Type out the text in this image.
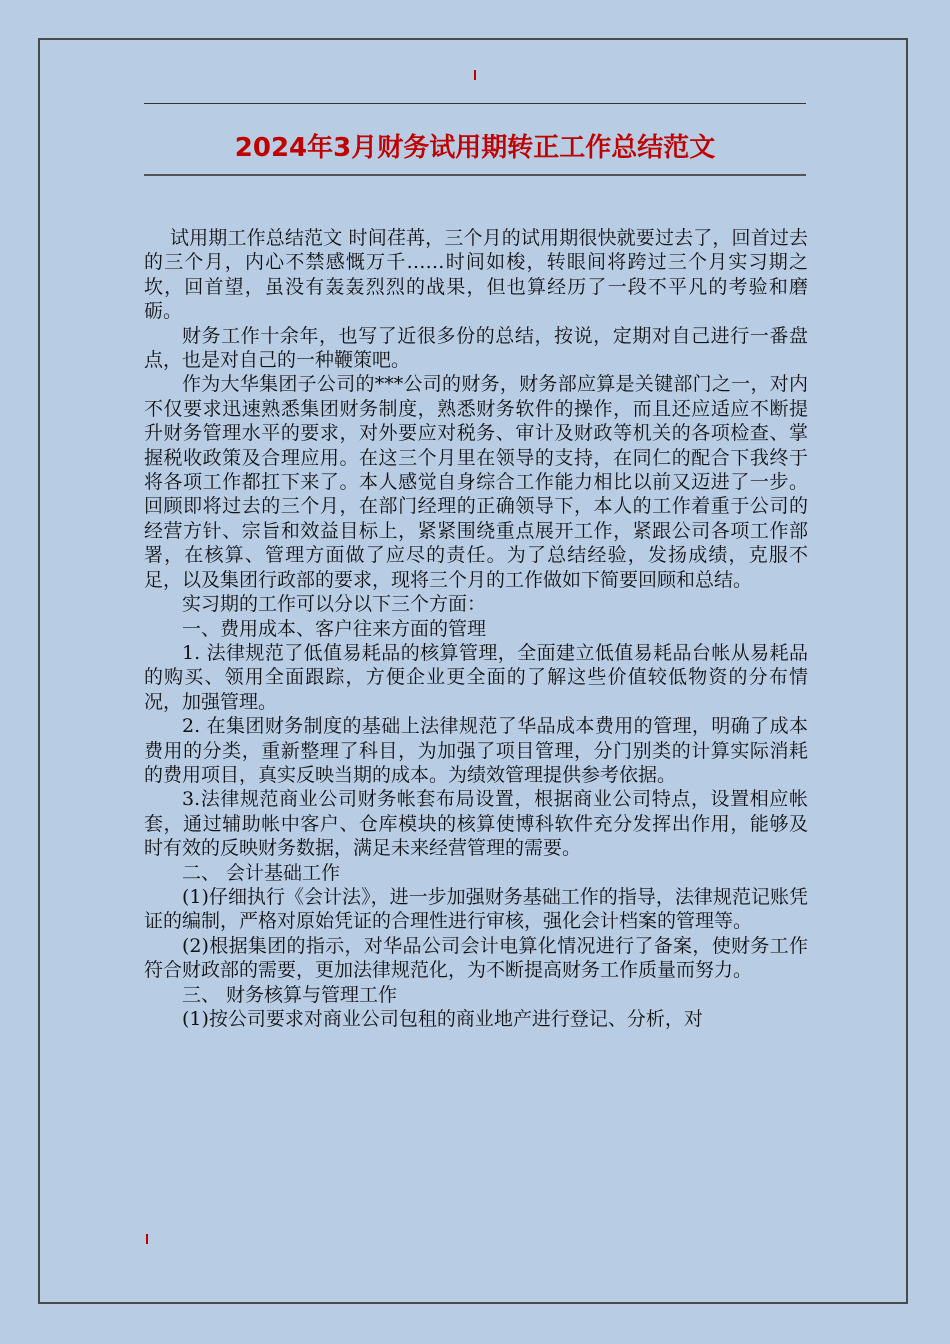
2024年3月财务试用期转正工作总结范文

试用期工作总结范文 时间荏苒，三个月的试用期很快就要过去了，回首过去的三个月，内心不禁感慨万千……时间如梭，转眼间将跨过三个月实习期之坎，回首望，虽没有轰轰烈烈的战果，但也算经历了一段不平凡的考验和磨砺。

财务工作十余年，也写了近很多份的总结，按说，定期对自己进行一番盘点，也是对自己的一种鞭策吧。

作为大华集团子公司的***公司的财务，财务部应算是关键部门之一，对内不仅要求迅速熟悉集团财务制度，熟悉财务软件的操作，而且还应适应不断提升财务管理水平的要求，对外要应对税务、审计及财政等机关的各项检查、掌握税收政策及合理应用。在这三个月里在领导的支持，在同仁的配合下我终于将各项工作都扛下来了。本人感觉自身综合工作能力相比以前又迈进了一步。回顾即将过去的三个月，在部门经理的正确领导下，本人的工作着重于公司的经营方针、宗旨和效益目标上，紧紧围绕重点展开工作，紧跟公司各项工作部署，在核算、管理方面做了应尽的责任。为了总结经验，发扬成绩，克服不足，以及集团行政部的要求，现将三个月的工作做如下简要回顾和总结。

实习期的工作可以分以下三个方面：

一、费用成本、客户往来方面的管理

1. 法律规范了低值易耗品的核算管理，全面建立低值易耗品台帐从易耗品的购买、领用全面跟踪，方便企业更全面的了解这些价值较低物资的分布情况，加强管理。

2. 在集团财务制度的基础上法律规范了华品成本费用的管理，明确了成本费用的分类，重新整理了科目，为加强了项目管理，分门别类的计算实际消耗的费用项目，真实反映当期的成本。为绩效管理提供参考依据。

3.法律规范商业公司财务帐套布局设置，根据商业公司特点，设置相应帐套，通过辅助帐中客户、仓库模块的核算使博科软件充分发挥出作用，能够及时有效的反映财务数据，满足未来经营管理的需要。

二、 会计基础工作

(1)仔细执行《会计法》，进一步加强财务基础工作的指导，法律规范记账凭证的编制，严格对原始凭证的合理性进行审核，强化会计档案的管理等。

(2)根据集团的指示，对华品公司会计电算化情况进行了备案，使财务工作符合财政部的需要，更加法律规范化，为不断提高财务工作质量而努力。

三、 财务核算与管理工作

(1)按公司要求对商业公司包租的商业地产进行登记、分析，对
